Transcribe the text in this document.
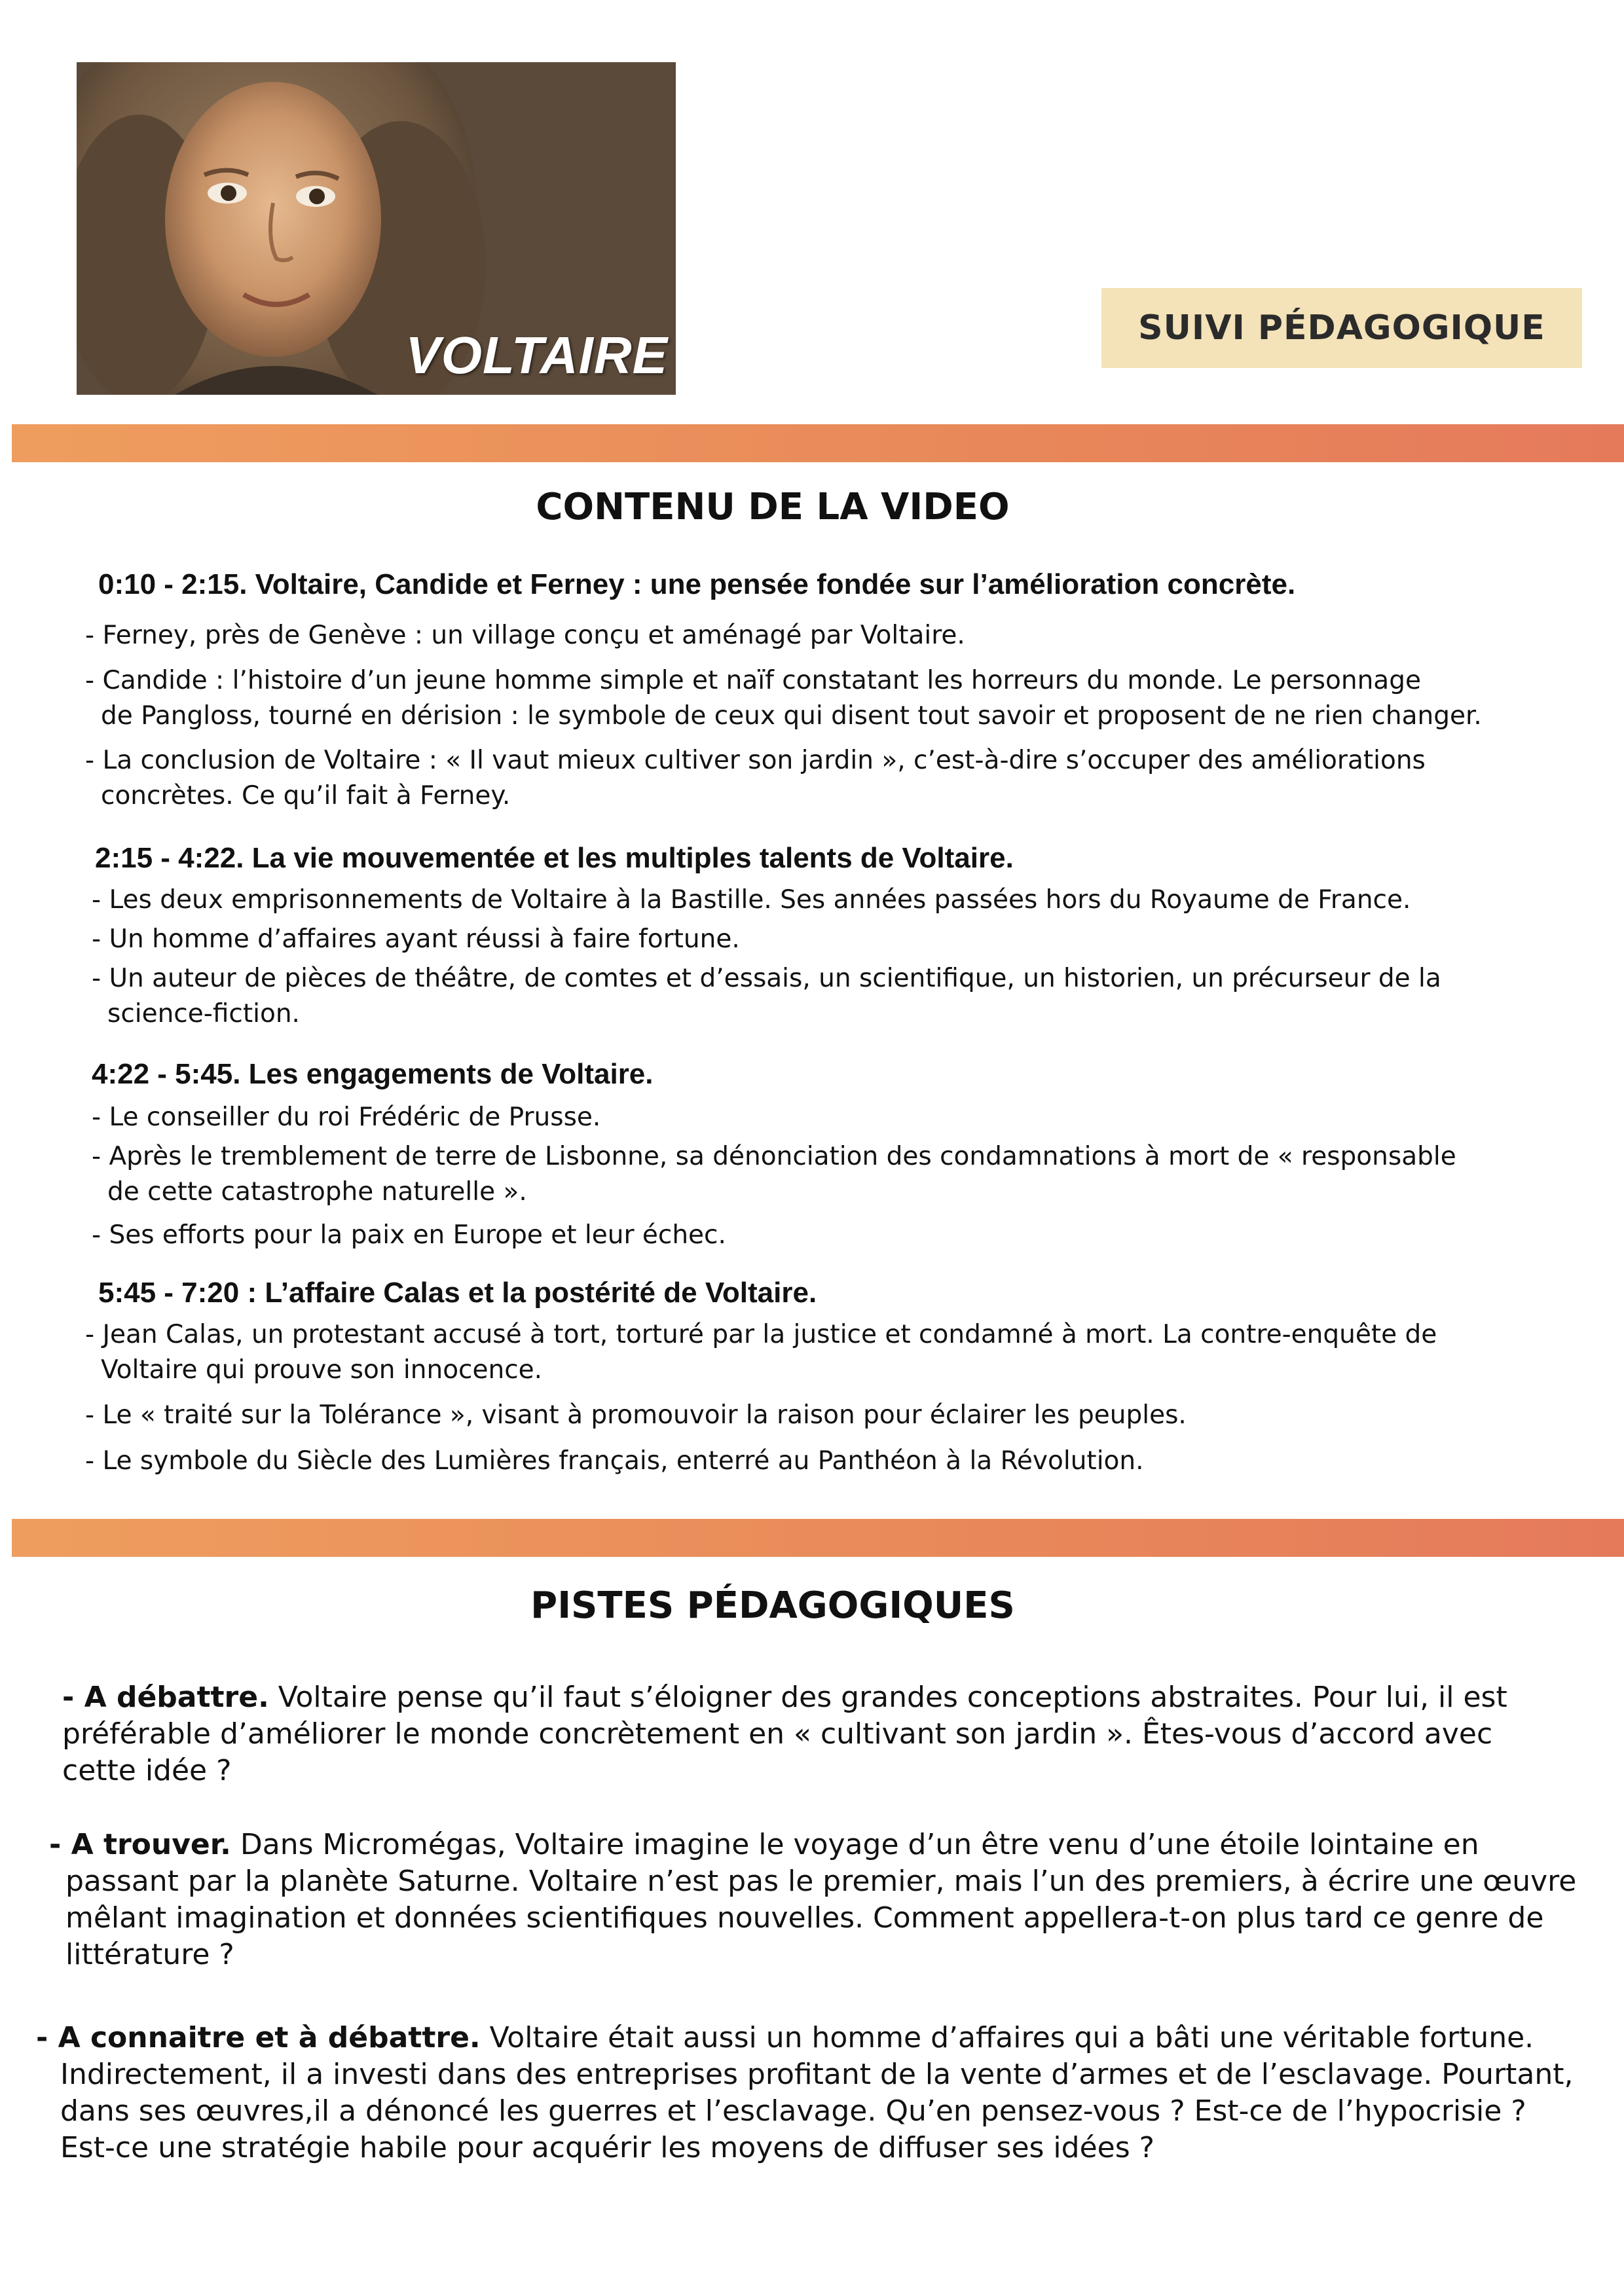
VOLTAIRE	SUIVI PÉDAGOGIQUE
CONTENU DE LA VIDEO
0:10 - 2:15. Voltaire, Candide et Ferney : une pensée fondée sur l’amélioration concrète.
- Ferney, près de Genève : un village conçu et aménagé par Voltaire.
- Candide : l’histoire d’un jeune homme simple et naïf constatant les horreurs du monde. Le personnage
de Pangloss, tourné en dérision : le symbole de ceux qui disent tout savoir et proposent de ne rien changer.
- La conclusion de Voltaire : « Il vaut mieux cultiver son jardin », c’est-à-dire s’occuper des améliorations
concrètes. Ce qu’il fait à Ferney.
2:15 - 4:22. La vie mouvementée et les multiples talents de Voltaire.
- Les deux emprisonnements de Voltaire à la Bastille. Ses années passées hors du Royaume de France.
- Un homme d’affaires ayant réussi à faire fortune.
- Un auteur de pièces de théâtre, de comtes et d’essais, un scientifique, un historien, un précurseur de la
science-fiction.
4:22 - 5:45. Les engagements de Voltaire.
- Le conseiller du roi Frédéric de Prusse.
- Après le tremblement de terre de Lisbonne, sa dénonciation des condamnations à mort de « responsable
de cette catastrophe naturelle ».
- Ses efforts pour la paix en Europe et leur échec.
5:45 - 7:20 : L’affaire Calas et la postérité de Voltaire.
- Jean Calas, un protestant accusé à tort, torturé par la justice et condamné à mort. La contre-enquête de
Voltaire qui prouve son innocence.
- Le « traité sur la Tolérance », visant à promouvoir la raison pour éclairer les peuples.
- Le symbole du Siècle des Lumières français, enterré au Panthéon à la Révolution.
PISTES PÉDAGOGIQUES
- A débattre. Voltaire pense qu’il faut s’éloigner des grandes conceptions abstraites. Pour lui, il est
préférable d’améliorer le monde concrètement en « cultivant son jardin ». Êtes-vous d’accord avec
cette idée ?
- A trouver. Dans Micromégas, Voltaire imagine le voyage d’un être venu d’une étoile lointaine en
passant par la planète Saturne. Voltaire n’est pas le premier, mais l’un des premiers, à écrire une œuvre
mêlant imagination et données scientifiques nouvelles. Comment appellera-t-on plus tard ce genre de
littérature ?
- A connaitre et à débattre. Voltaire était aussi un homme d’affaires qui a bâti une véritable fortune.
Indirectement, il a investi dans des entreprises profitant de la vente d’armes et de l’esclavage. Pourtant,
dans ses œuvres,il a dénoncé les guerres et l’esclavage. Qu’en pensez-vous ? Est-ce de l’hypocrisie ?
Est-ce une stratégie habile pour acquérir les moyens de diffuser ses idées ?
